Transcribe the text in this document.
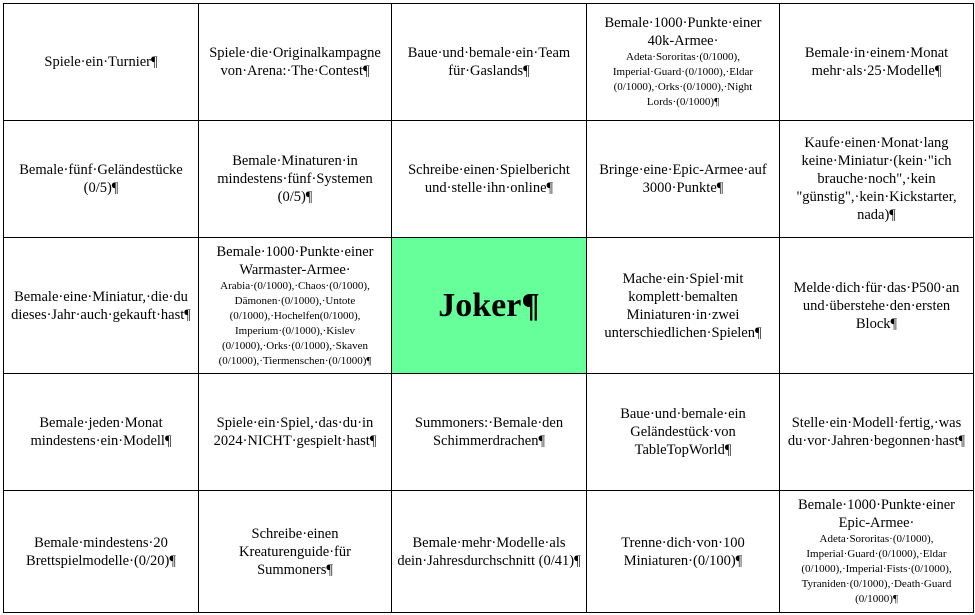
Spiele·ein·Turnier¶	Spiele·die·Originalkampagne von·Arena:·The·Contest¶	Baue·und·bemale·ein·Team für·Gaslands¶	Bemale·1000·Punkte·einer 40k-Armee·
Adeta·Sororitas·(0/1000), Imperial·Guard·(0/1000),·Eldar (0/1000),·Orks·(0/1000),·Night Lords·(0/1000)¶	Bemale·in·einem·Monat mehr·als·25·Modelle¶

Bemale·fünf·Geländestücke (0/5)¶	Bemale·Minaturen·in mindestens·fünf·Systemen (0/5)¶	Schreibe·einen·Spielbericht und·stelle·ihn·online¶	Bringe·eine·Epic-Armee·auf 3000·Punkte¶	Kaufe·einen·Monat·lang keine·Miniatur·(kein·"ich brauche·noch",·kein "günstig",·kein·Kickstarter, nada)¶

Bemale·eine·Miniatur,·die·du dieses·Jahr·auch·gekauft·hast¶	Bemale·1000·Punkte·einer Warmaster-Armee·
Arabia·(0/1000),·Chaos·(0/1000), Dämonen·(0/1000),·Untote (0/1000),·Hochelfen(0/1000), Imperium·(0/1000),·Kislev (0/1000),·Orks·(0/1000),·Skaven (0/1000),·Tiermenschen·(0/1000)¶	Joker¶	Mache·ein·Spiel·mit komplett·bemalten Miniaturen·in·zwei unterschiedlichen·Spielen¶	Melde·dich·für·das·P500·an und·überstehe·den·ersten Block¶

Bemale·jeden·Monat mindestens·ein·Modell¶	Spiele·ein·Spiel,·das·du·in 2024·NICHT·gespielt·hast¶	Summoners:·Bemale·den Schimmerdrachen¶	Baue·und·bemale·ein Geländestück·von TableTopWorld¶	Stelle·ein·Modell·fertig,·was du·vor·Jahren·begonnen·hast¶

Bemale·mindestens·20 Brettspielmodelle·(0/20)¶	Schreibe·einen Kreaturenguide·für Summoners¶	Bemale·mehr·Modelle·als dein·Jahresdurchschnitt (0/41)¶	Trenne·dich·von·100 Miniaturen·(0/100)¶	Bemale·1000·Punkte·einer Epic-Armee·
Adeta·Sororitas·(0/1000), Imperial·Guard·(0/1000),·Eldar (0/1000),·Imperial·Fists·(0/1000), Tyraniden·(0/1000),·Death·Guard (0/1000)¶
